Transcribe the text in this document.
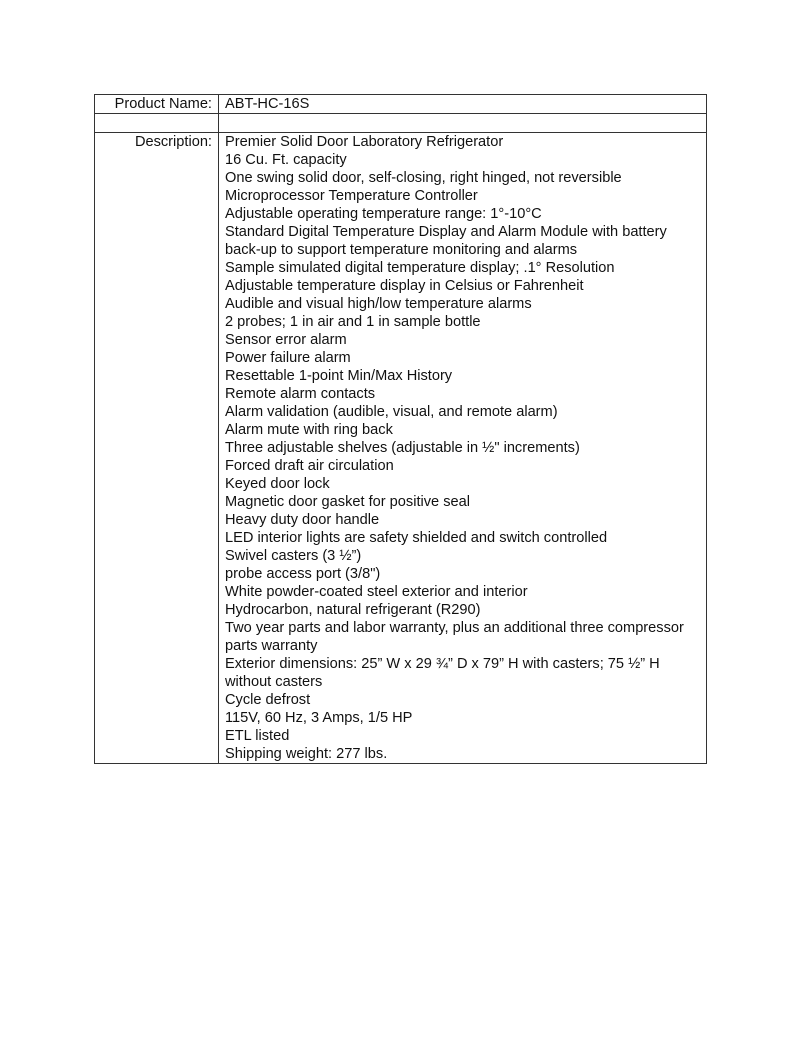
Product Name:	ABT-HC-16S

Description:	Premier Solid Door Laboratory Refrigerator
16 Cu. Ft. capacity
One swing solid door, self-closing, right hinged, not reversible
Microprocessor Temperature Controller
Adjustable operating temperature range: 1°-10°C
Standard Digital Temperature Display and Alarm Module with battery back-up to support temperature monitoring and alarms
Sample simulated digital temperature display; .1° Resolution
Adjustable temperature display in Celsius or Fahrenheit
Audible and visual high/low temperature alarms
2 probes; 1 in air and 1 in sample bottle
Sensor error alarm
Power failure alarm
Resettable 1-point Min/Max History
Remote alarm contacts
Alarm validation (audible, visual, and remote alarm)
Alarm mute with ring back
Three adjustable shelves (adjustable in ½" increments)
Forced draft air circulation
Keyed door lock
Magnetic door gasket for positive seal
Heavy duty door handle
LED interior lights are safety shielded and switch controlled
Swivel casters (3 ½”)
probe access port (3/8")
White powder-coated steel exterior and interior
Hydrocarbon, natural refrigerant (R290)
Two year parts and labor warranty, plus an additional three compressor parts warranty
Exterior dimensions: 25” W x 29 ¾” D x 79” H with casters; 75 ½” H without casters
Cycle defrost
115V, 60 Hz, 3 Amps, 1/5 HP
ETL listed
Shipping weight: 277 lbs.
